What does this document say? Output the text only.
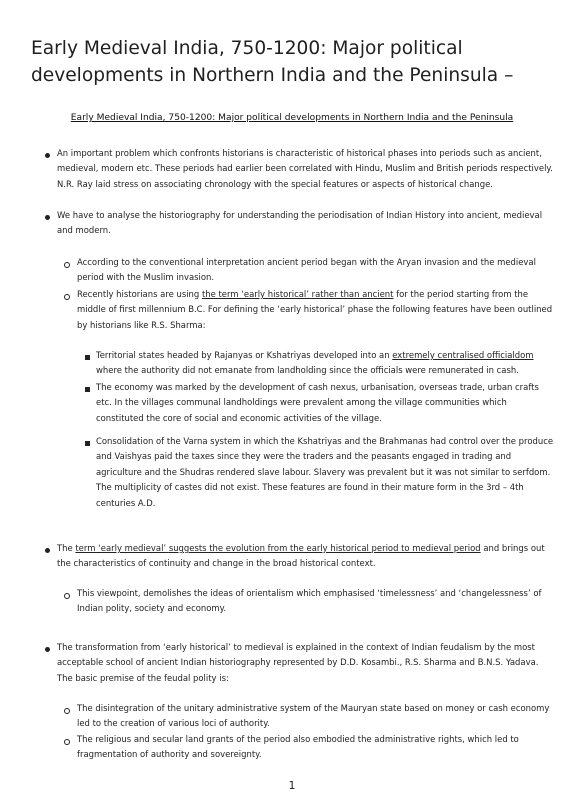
Early Medieval India, 750-1200: Major political developments in Northern India and the Peninsula –
Early Medieval India, 750-1200: Major political developments in Northern India and the Peninsula
An important problem which confronts historians is characteristic of historical phases into periods such as ancient, medieval, modern etc. These periods had earlier been correlated with Hindu, Muslim and British periods respectively. N.R. Ray laid stress on associating chronology with the special features or aspects of historical change.
We have to analyse the historiography for understanding the periodisation of Indian History into ancient, medieval and modern.
According to the conventional interpretation ancient period began with the Aryan invasion and the medieval period with the Muslim invasion.
Recently historians are using the term ‘early historical’ rather than ancient for the period starting from the middle of first millennium B.C. For defining the ‘early historical’ phase the following features have been outlined by historians like R.S. Sharma:
Territorial states headed by Rajanyas or Kshatriyas developed into an extremely centralised officialdom where the authority did not emanate from landholding since the officials were remunerated in cash.
The economy was marked by the development of cash nexus, urbanisation, overseas trade, urban crafts etc. In the villages communal landholdings were prevalent among the village communities which constituted the core of social and economic activities of the village.
Consolidation of the Varna system in which the Kshatriyas and the Brahmanas had control over the produce and Vaishyas paid the taxes since they were the traders and the peasants engaged in trading and agriculture and the Shudras rendered slave labour. Slavery was prevalent but it was not similar to serfdom. The multiplicity of castes did not exist. These features are found in their mature form in the 3rd – 4th centuries A.D.
The term ‘early medieval’ suggests the evolution from the early historical period to medieval period and brings out the characteristics of continuity and change in the broad historical context.
This viewpoint, demolishes the ideas of orientalism which emphasised ‘timelessness’ and ‘changelessness’ of Indian polity, society and economy.
The transformation from ‘early historical’ to medieval is explained in the context of Indian feudalism by the most acceptable school of ancient Indian historiography represented by D.D. Kosambi., R.S. Sharma and B.N.S. Yadava. The basic premise of the feudal polity is:
The disintegration of the unitary administrative system of the Mauryan state based on money or cash economy led to the creation of various loci of authority.
The religious and secular land grants of the period also embodied the administrative rights, which led to fragmentation of authority and sovereignty.
1
